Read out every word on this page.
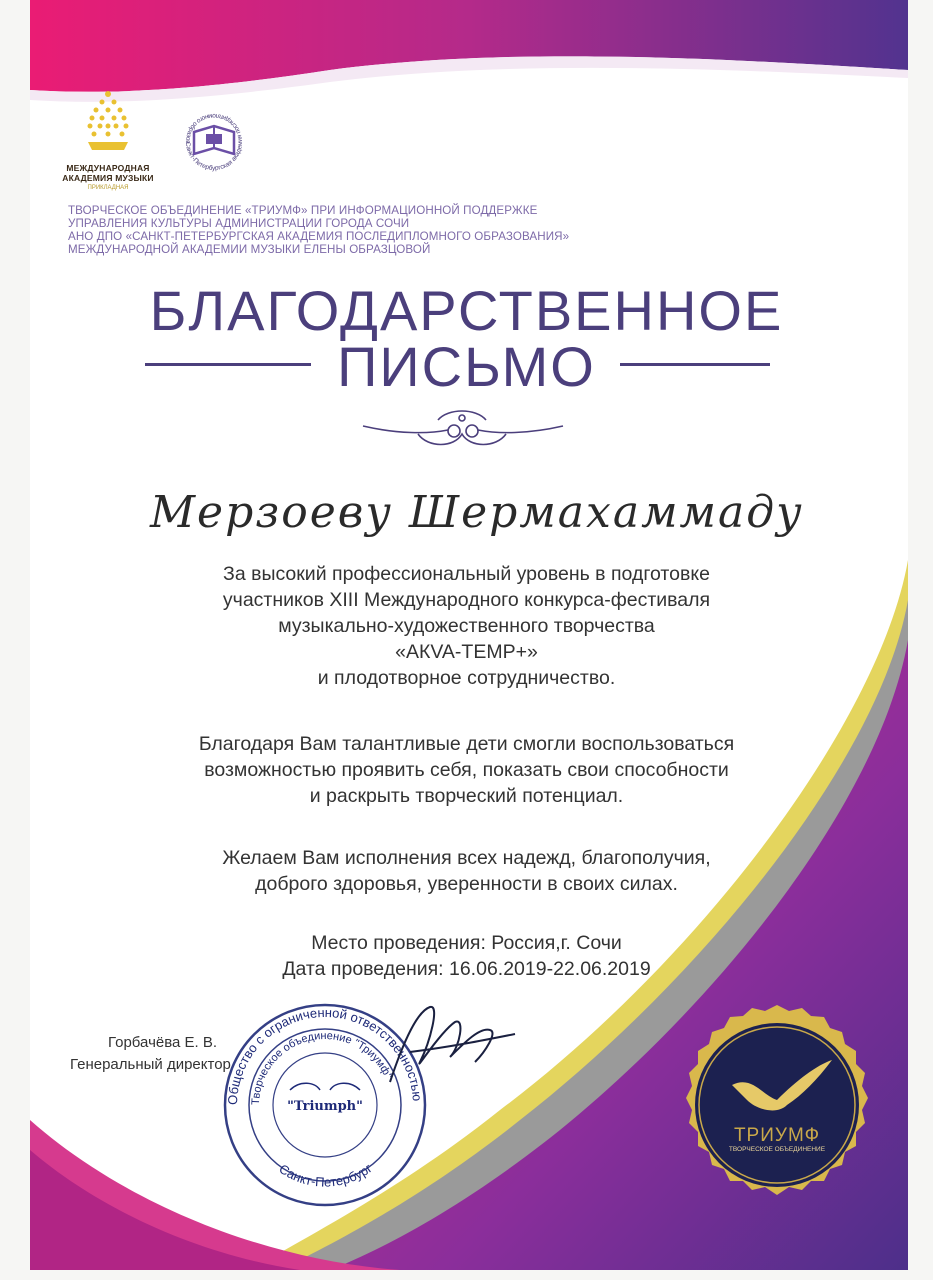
МЕЖДУНАРОДНАЯ АКАДЕМИЯ МУЗЫКИ
ПРИКЛАДНАЯ
Санкт-Петербургская академия последипломного образов
ТВОРЧЕСКОЕ ОБЪЕДИНЕНИЕ «ТРИУМФ» ПРИ ИНФОРМАЦИОННОЙ ПОДДЕРЖКЕ
УПРАВЛЕНИЯ КУЛЬТУРЫ АДМИНИСТРАЦИИ ГОРОДА СОЧИ
АНО ДПО «САНКТ-ПЕТЕРБУРГСКАЯ АКАДЕМИЯ ПОСЛЕДИПЛОМНОГО ОБРАЗОВАНИЯ»
МЕЖДУНАРОДНОЙ АКАДЕМИИ МУЗЫКИ ЕЛЕНЫ ОБРАЗЦОВОЙ
БЛАГОДАРСТВЕННОЕ
ПИСЬМО
Мерзоеву Шермахаммаду
За высокий профессиональный уровень в подготовке
участников XIII Международного конкурса-фестиваля
музыкально-художественного творчества
«АКVA-ТЕМР+»
и плодотворное сотрудничество.
Благодаря Вам талантливые дети смогли воспользоваться
возможностью проявить себя, показать свои способности
и раскрыть творческий потенциал.
Желаем Вам исполнения всех надежд, благополучия,
доброго здоровья, уверенности в своих силах.
Место проведения: Россия,г. Сочи
Дата проведения: 16.06.2019-22.06.2019
Горбачёва Е. В.
Генеральный директор
Общество с ограниченной ответственностью
Творческое объединение "Триумф"
Санкт-Петербург
"Triumph"
ТРИУМФ
ТВОРЧЕСКОЕ ОБЪЕДИНЕНИЕ
